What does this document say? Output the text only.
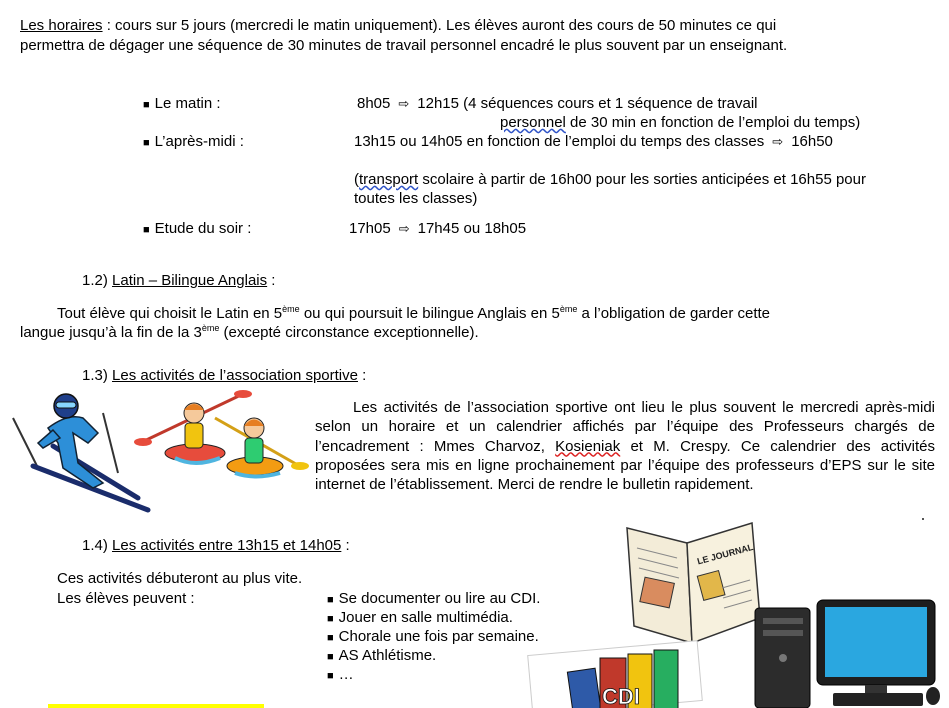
Les horaires : cours sur 5 jours (mercredi le matin uniquement). Les élèves auront des cours de 50 minutes ce qui
permettra de dégager une séquence de 30 minutes de travail personnel encadré le plus souvent par un enseignant.
■ Le matin :	8h05 ⇨ 12h15 (4 séquences cours et 1 séquence de travail
personnel de 30 min en fonction de l’emploi du temps)
■ L’après-midi :	13h15 ou 14h05 en fonction de l’emploi du temps des classes ⇨ 16h50
(transport scolaire à partir de 16h00 pour les sorties anticipées et 16h55 pour
toutes les classes)
■ Etude du soir :	17h05 ⇨ 17h45 ou 18h05
1.2) Latin – Bilingue Anglais :
Tout élève qui choisit le Latin en 5ème ou qui poursuit le bilingue Anglais en 5ème a l’obligation de garder cette
langue jusqu’à la fin de la 3ème (excepté circonstance exceptionnelle).
1.3) Les activités de l’association sportive :
Les activités de l’association sportive ont lieu le plus souvent le mercredi après-midi selon un horaire et un calendrier affichés par l’équipe des Professeurs chargés de l’encadrement : Mmes Charvoz, Kosieniak et M. Crespy. Ce calendrier des activités proposées sera mis en ligne prochainement par l’équipe des professeurs d’EPS sur le site internet de l’établissement. Merci de rendre le bulletin rapidement.
1.4) Les activités entre 13h15 et 14h05 :
Ces activités débuteront au plus vite.
Les élèves peuvent :	■ Se documenter ou lire au CDI.
■ Jouer en salle multimédia.
■ Chorale une fois par semaine.
■ AS Athlétisme.
■ …
LE JOURNAL
CDI
